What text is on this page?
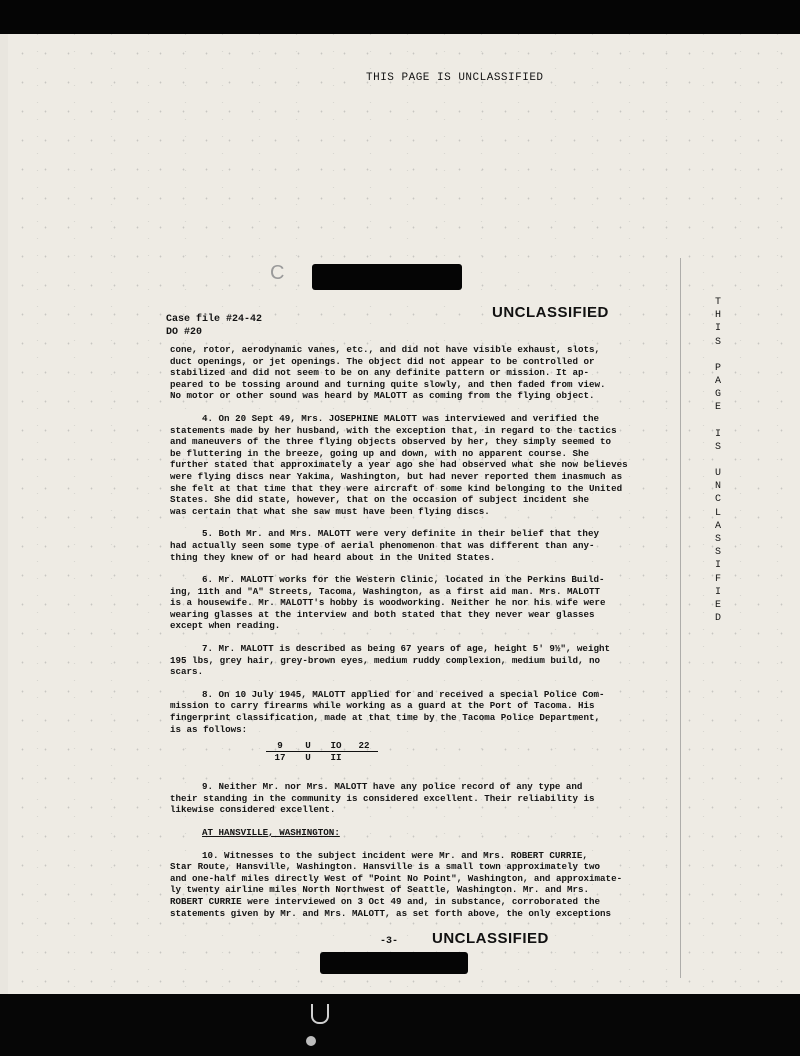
THIS PAGE IS UNCLASSIFIED
T
H
I
S
P
A
G
E
I
S
U
N
C
L
A
S
S
I
F
I
E
D
C
UNCLASSIFIED
Case file #24-42
DO #20

cone, rotor, aerodynamic vanes, etc., and did not have visible exhaust, slots,
duct openings, or jet openings. The object did not appear to be controlled or
stabilized and did not seem to be on any definite pattern or mission. It ap-
peared to be tossing around and turning quite slowly, and then faded from view.
No motor or other sound was heard by MALOTT as coming from the flying object.

4. On 20 Sept 49, Mrs. JOSEPHINE MALOTT was interviewed and verified the
statements made by her husband, with the exception that, in regard to the tactics
and maneuvers of the three flying objects observed by her, they simply seemed to
be fluttering in the breeze, going up and down, with no apparent course. She
further stated that approximately a year ago she had observed what she now believes
were flying discs near Yakima, Washington, but had never reported them inasmuch as
she felt at that time that they were aircraft of some kind belonging to the United
States. She did state, however, that on the occasion of subject incident she
was certain that what she saw must have been flying discs.

5. Both Mr. and Mrs. MALOTT were very definite in their belief that they
had actually seen some type of aerial phenomenon that was different than any-
thing they knew of or had heard about in the United States.

6. Mr. MALOTT works for the Western Clinic, located in the Perkins Build-
ing, 11th and "A" Streets, Tacoma, Washington, as a first aid man. Mrs. MALOTT
is a housewife. Mr. MALOTT's hobby is woodworking. Neither he nor his wife were
wearing glasses at the interview and both stated that they never wear glasses
except when reading.

7. Mr. MALOTT is described as being 67 years of age, height 5' 9½", weight
195 lbs, grey hair, grey-brown eyes, medium ruddy complexion, medium build, no
scars.

8. On 10 July 1945, MALOTT applied for and received a special Police Com-
mission to carry firearms while working as a guard at the Port of Tacoma. His
fingerprint classification, made at that time by the Tacoma Police Department,
is as follows:

9	U	IO	22
17	U	II

9. Neither Mr. nor Mrs. MALOTT have any police record of any type and
their standing in the community is considered excellent. Their reliability is
likewise considered excellent.

AT HANSVILLE, WASHINGTON:

10. Witnesses to the subject incident were Mr. and Mrs. ROBERT CURRIE,
Star Route, Hansville, Washington. Hansville is a small town approximately two
and one-half miles directly West of "Point No Point", Washington, and approximate-
ly twenty airline miles North Northwest of Seattle, Washington. Mr. and Mrs.
ROBERT CURRIE were interviewed on 3 Oct 49 and, in substance, corroborated the
statements given by Mr. and Mrs. MALOTT, as set forth above, the only exceptions

-3- UNCLASSIFIED
